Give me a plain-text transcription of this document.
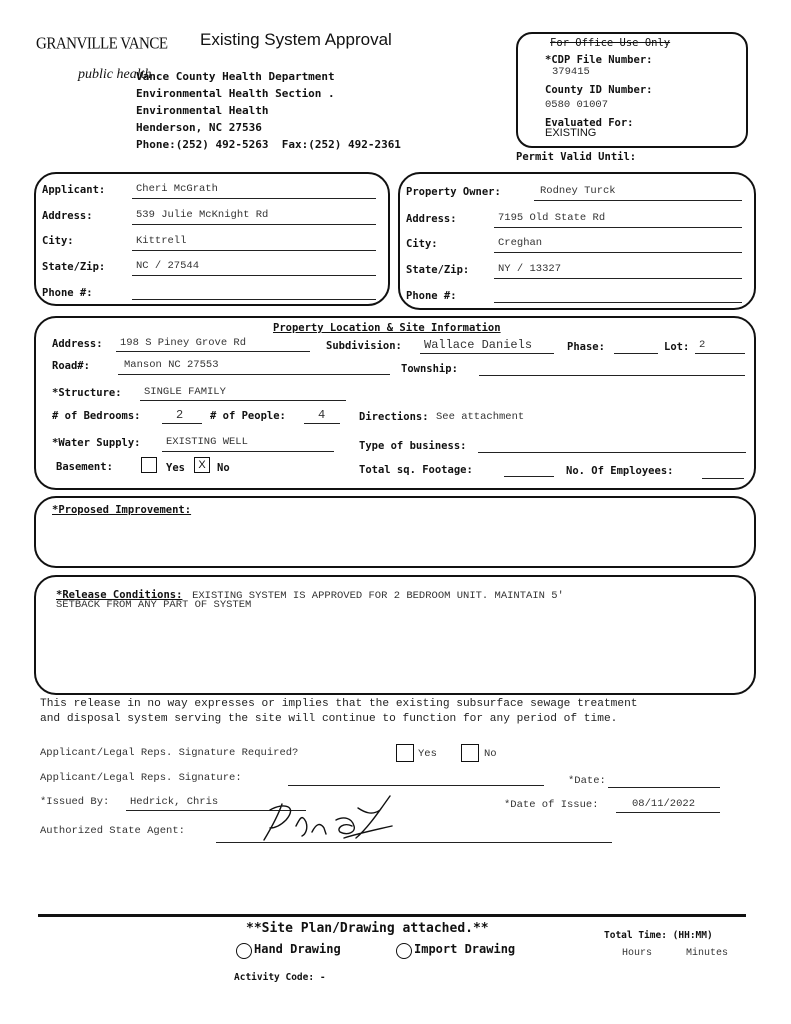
GRANVILLE VANCE
public health
Existing System Approval
Vance County Health Department
Environmental Health Section .
Environmental Health
Henderson, NC 27536
Phone:(252) 492-5263 Fax:(252) 492-2361
For Office Use Only
*CDP File Number:
379415
County ID Number:
0580 01007
Evaluated For:
EXISTING
Permit Valid Until:
Applicant:	Cheri McGrath
Address:	539 Julie McKnight Rd
City:	Kittrell
State/Zip:	NC / 27544
Phone #:
Property Owner:	Rodney Turck
Address:	7195 Old State Rd
City:	Creghan
State/Zip:	NY / 13327
Phone #:
Property Location & Site Information
Address: 198 S Piney Grove Rd	Subdivision: Wallace Daniels	Phase:	Lot: 2
Road#:	Manson NC 27553	Township:
*Structure: SINGLE FAMILY
# of Bedrooms:	2	# of People:	4	Directions: See attachment
*Water Supply: EXISTING WELL	Type of business:
Basement:	Yes	X	No	Total sq. Footage:	No. Of Employees:
*Proposed Improvement:
*Release Conditions: EXISTING SYSTEM IS APPROVED FOR 2 BEDROOM UNIT. MAINTAIN 5'
SETBACK FROM ANY PART OF SYSTEM
This release in no way expresses or implies that the existing subsurface sewage treatment
and disposal system serving the site will continue to function for any period of time.
Applicant/Legal Reps. Signature Required?	Yes	No
Applicant/Legal Reps. Signature:	*Date:
*Issued By: Hedrick, Chris	*Date of Issue:	08/11/2022
Authorized State Agent:
**Site Plan/Drawing attached.**
Hand Drawing	Import Drawing
Total Time: (HH:MM)
Hours	Minutes
Activity Code: -
